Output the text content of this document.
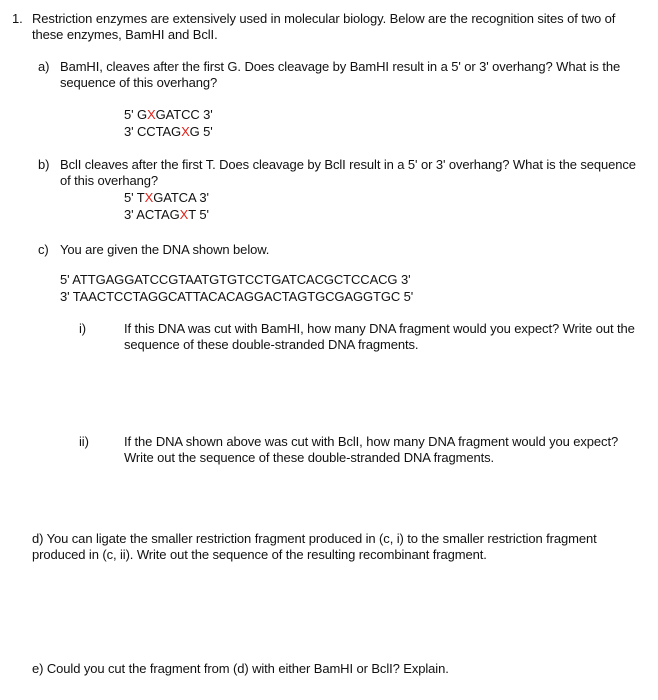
1. Restriction enzymes are extensively used in molecular biology. Below are the recognition sites of two of these enzymes, BamHI and BclI.
a) BamHI, cleaves after the first G. Does cleavage by BamHI result in a 5' or 3' overhang? What is the sequence of this overhang?
5' GXGATCC 3'
3' CCTAGXG 5'
b) BclI cleaves after the first T. Does cleavage by BclI result in a 5' or 3' overhang? What is the sequence of this overhang?
5' TXGATCA 3'
3' ACTAGXT 5'
c) You are given the DNA shown below.
5' ATTGAGGATCCGTAATGTGTCCTGATCACGCTCCACG 3'
3' TAACTCCTAGGCATTACACAGGACTAGTGCGAGGTGC 5'
i)	If this DNA was cut with BamHI, how many DNA fragment would you expect? Write out the sequence of these double-stranded DNA fragments.
ii)	If the DNA shown above was cut with BclI, how many DNA fragment would you expect? Write out the sequence of these double-stranded DNA fragments.
d) You can ligate the smaller restriction fragment produced in (c, i) to the smaller restriction fragment produced in (c, ii). Write out the sequence of the resulting recombinant fragment.
e) Could you cut the fragment from (d) with either BamHI or BclI? Explain.
